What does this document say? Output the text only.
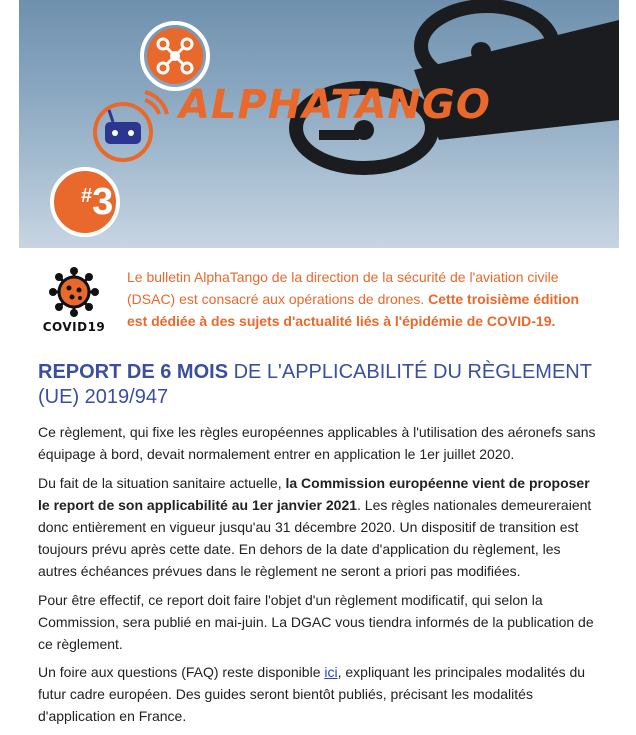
ALPHATANGO
#3
COVID19
Le bulletin AlphaTango de la direction de la sécurité de l'aviation civile (DSAC) est consacré aux opérations de drones. Cette troisième édition est dédiée à des sujets d'actualité liés à l'épidémie de COVID-19.
REPORT DE 6 MOIS DE L'APPLICABILITÉ DU RÈGLEMENT (UE) 2019/947

Ce règlement, qui fixe les règles européennes applicables à l'utilisation des aéronefs sans équipage à bord, devait normalement entrer en application le 1er juillet 2020.

Du fait de la situation sanitaire actuelle, la Commission européenne vient de proposer le report de son applicabilité au 1er janvier 2021. Les règles nationales demeureraient donc entièrement en vigueur jusqu'au 31 décembre 2020. Un dispositif de transition est toujours prévu après cette date. En dehors de la date d'application du règlement, les autres échéances prévues dans le règlement ne seront a priori pas modifiées.

Pour être effectif, ce report doit faire l'objet d'un règlement modificatif, qui selon la Commission, sera publié en mai-juin. La DGAC vous tiendra informés de la publication de ce règlement.

Un foire aux questions (FAQ) reste disponible ici, expliquant les principales modalités du futur cadre européen. Des guides seront bientôt publiés, précisant les modalités d'application en France.
